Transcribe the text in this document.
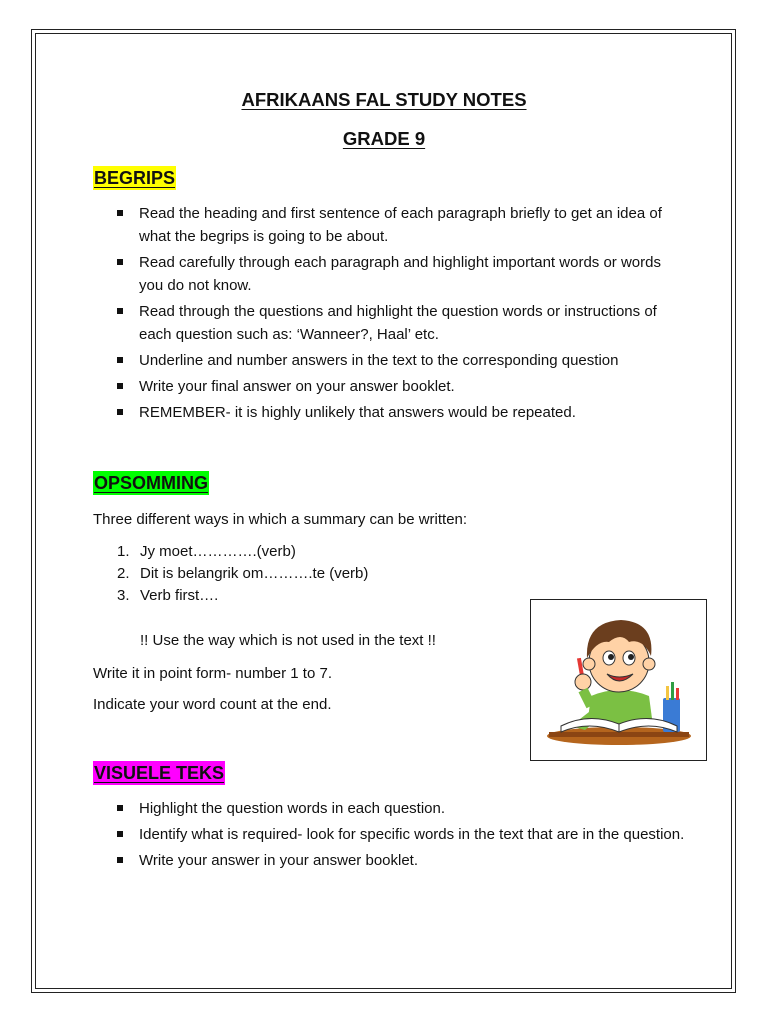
AFRIKAANS FAL STUDY NOTES
GRADE 9
BEGRIPS
Read the heading and first sentence of each paragraph briefly to get an idea of what the begrips is going to be about.
Read carefully through each paragraph and highlight important words or words you do not know.
Read through the questions and highlight the question words or instructions of each question such as: ‘Wanneer?, Haal’ etc.
Underline and number answers in the text to the corresponding question
Write your final answer on your answer booklet.
REMEMBER- it is highly unlikely that answers would be repeated.
OPSOMMING
Three different ways in which a summary can be written:
1. Jy moet………….(verb)
2. Dit is belangrik om……….te (verb)
3. Verb first….
!! Use the way which is not used in the text !!
Write it in point form- number 1 to 7.
Indicate your word count at the end.
VISUELE TEKS
Highlight the question words in each question.
Identify what is required- look for specific words in the text that are in the question.
Write your answer in your answer booklet.
